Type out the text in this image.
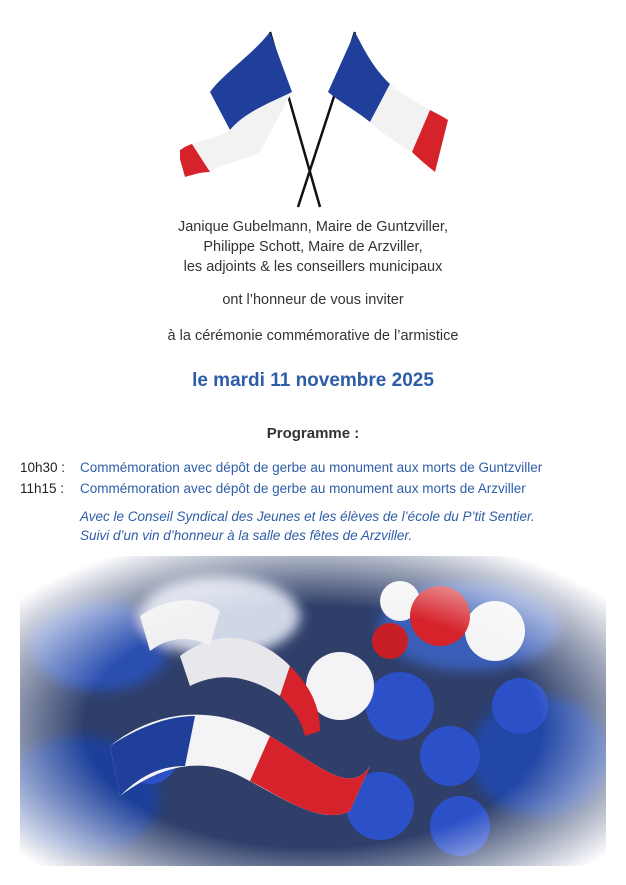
Janique Gubelmann, Maire de Guntzviller,
Philippe Schott, Maire de Arzviller,
les adjoints & les conseillers municipaux
ont l’honneur de vous inviter
à la cérémonie commémorative de l’armistice
le mardi 11 novembre 2025
Programme :
10h30 : Commémoration avec dépôt de gerbe au monument aux morts de Guntzviller
11h15 : Commémoration avec dépôt de gerbe au monument aux morts de Arzviller
Avec le Conseil Syndical des Jeunes et les élèves de l’école du P’tit Sentier.
Suivi d’un vin d’honneur à la salle des fêtes de Arzviller.
